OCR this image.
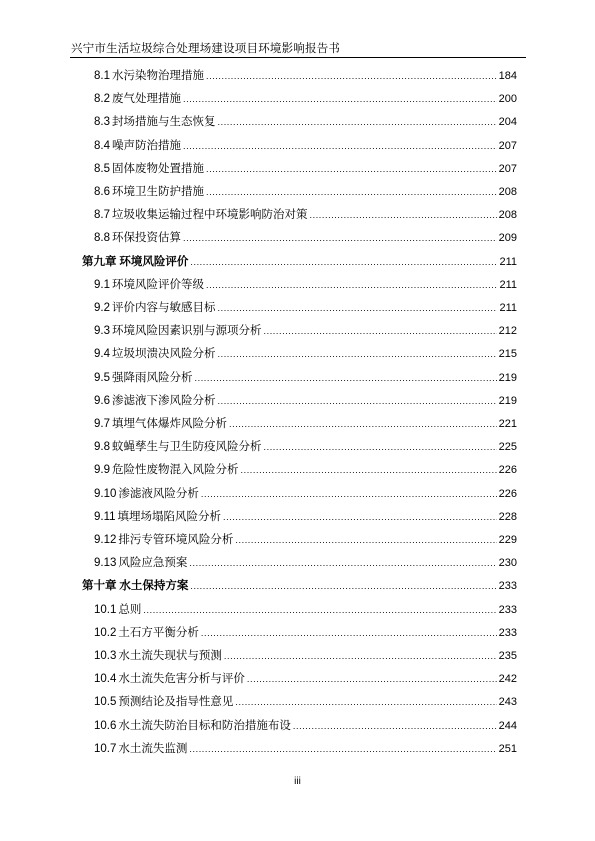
兴宁市生活垃圾综合处理场建设项目环境影响报告书
8.1 水污染物治理措施 .....	184
8.2 废气处理措施 .....	200
8.3 封场措施与生态恢复 .....	204
8.4 噪声防治措施 .....	207
8.5 固体废物处置措施 .....	207
8.6 环境卫生防护措施 .....	208
8.7 垃圾收集运输过程中环境影响防治对策 .....	208
8.8 环保投资估算 .....	209
第九章 环境风险评价 .....	211
9.1 环境风险评价等级 .....	211
9.2 评价内容与敏感目标 .....	211
9.3 环境风险因素识别与源项分析 .....	212
9.4 垃圾坝溃决风险分析 .....	215
9.5 强降雨风险分析 .....	219
9.6 渗滤液下渗风险分析 .....	219
9.7 填埋气体爆炸风险分析 .....	221
9.8 蚊蝇孳生与卫生防疫风险分析 .....	225
9.9 危险性废物混入风险分析 .....	226
9.10 渗滤液风险分析 .....	226
9.11 填埋场塌陷风险分析 .....	228
9.12 排污专管环境风险分析 .....	229
9.13 风险应急预案 .....	230
第十章 水土保持方案 .....	233
10.1 总则 .....	233
10.2 土石方平衡分析 .....	233
10.3 水土流失现状与预测 .....	235
10.4 水土流失危害分析与评价 .....	242
10.5 预测结论及指导性意见 .....	243
10.6 水土流失防治目标和防治措施布设 .....	244
10.7 水土流失监测 .....	251
iii
